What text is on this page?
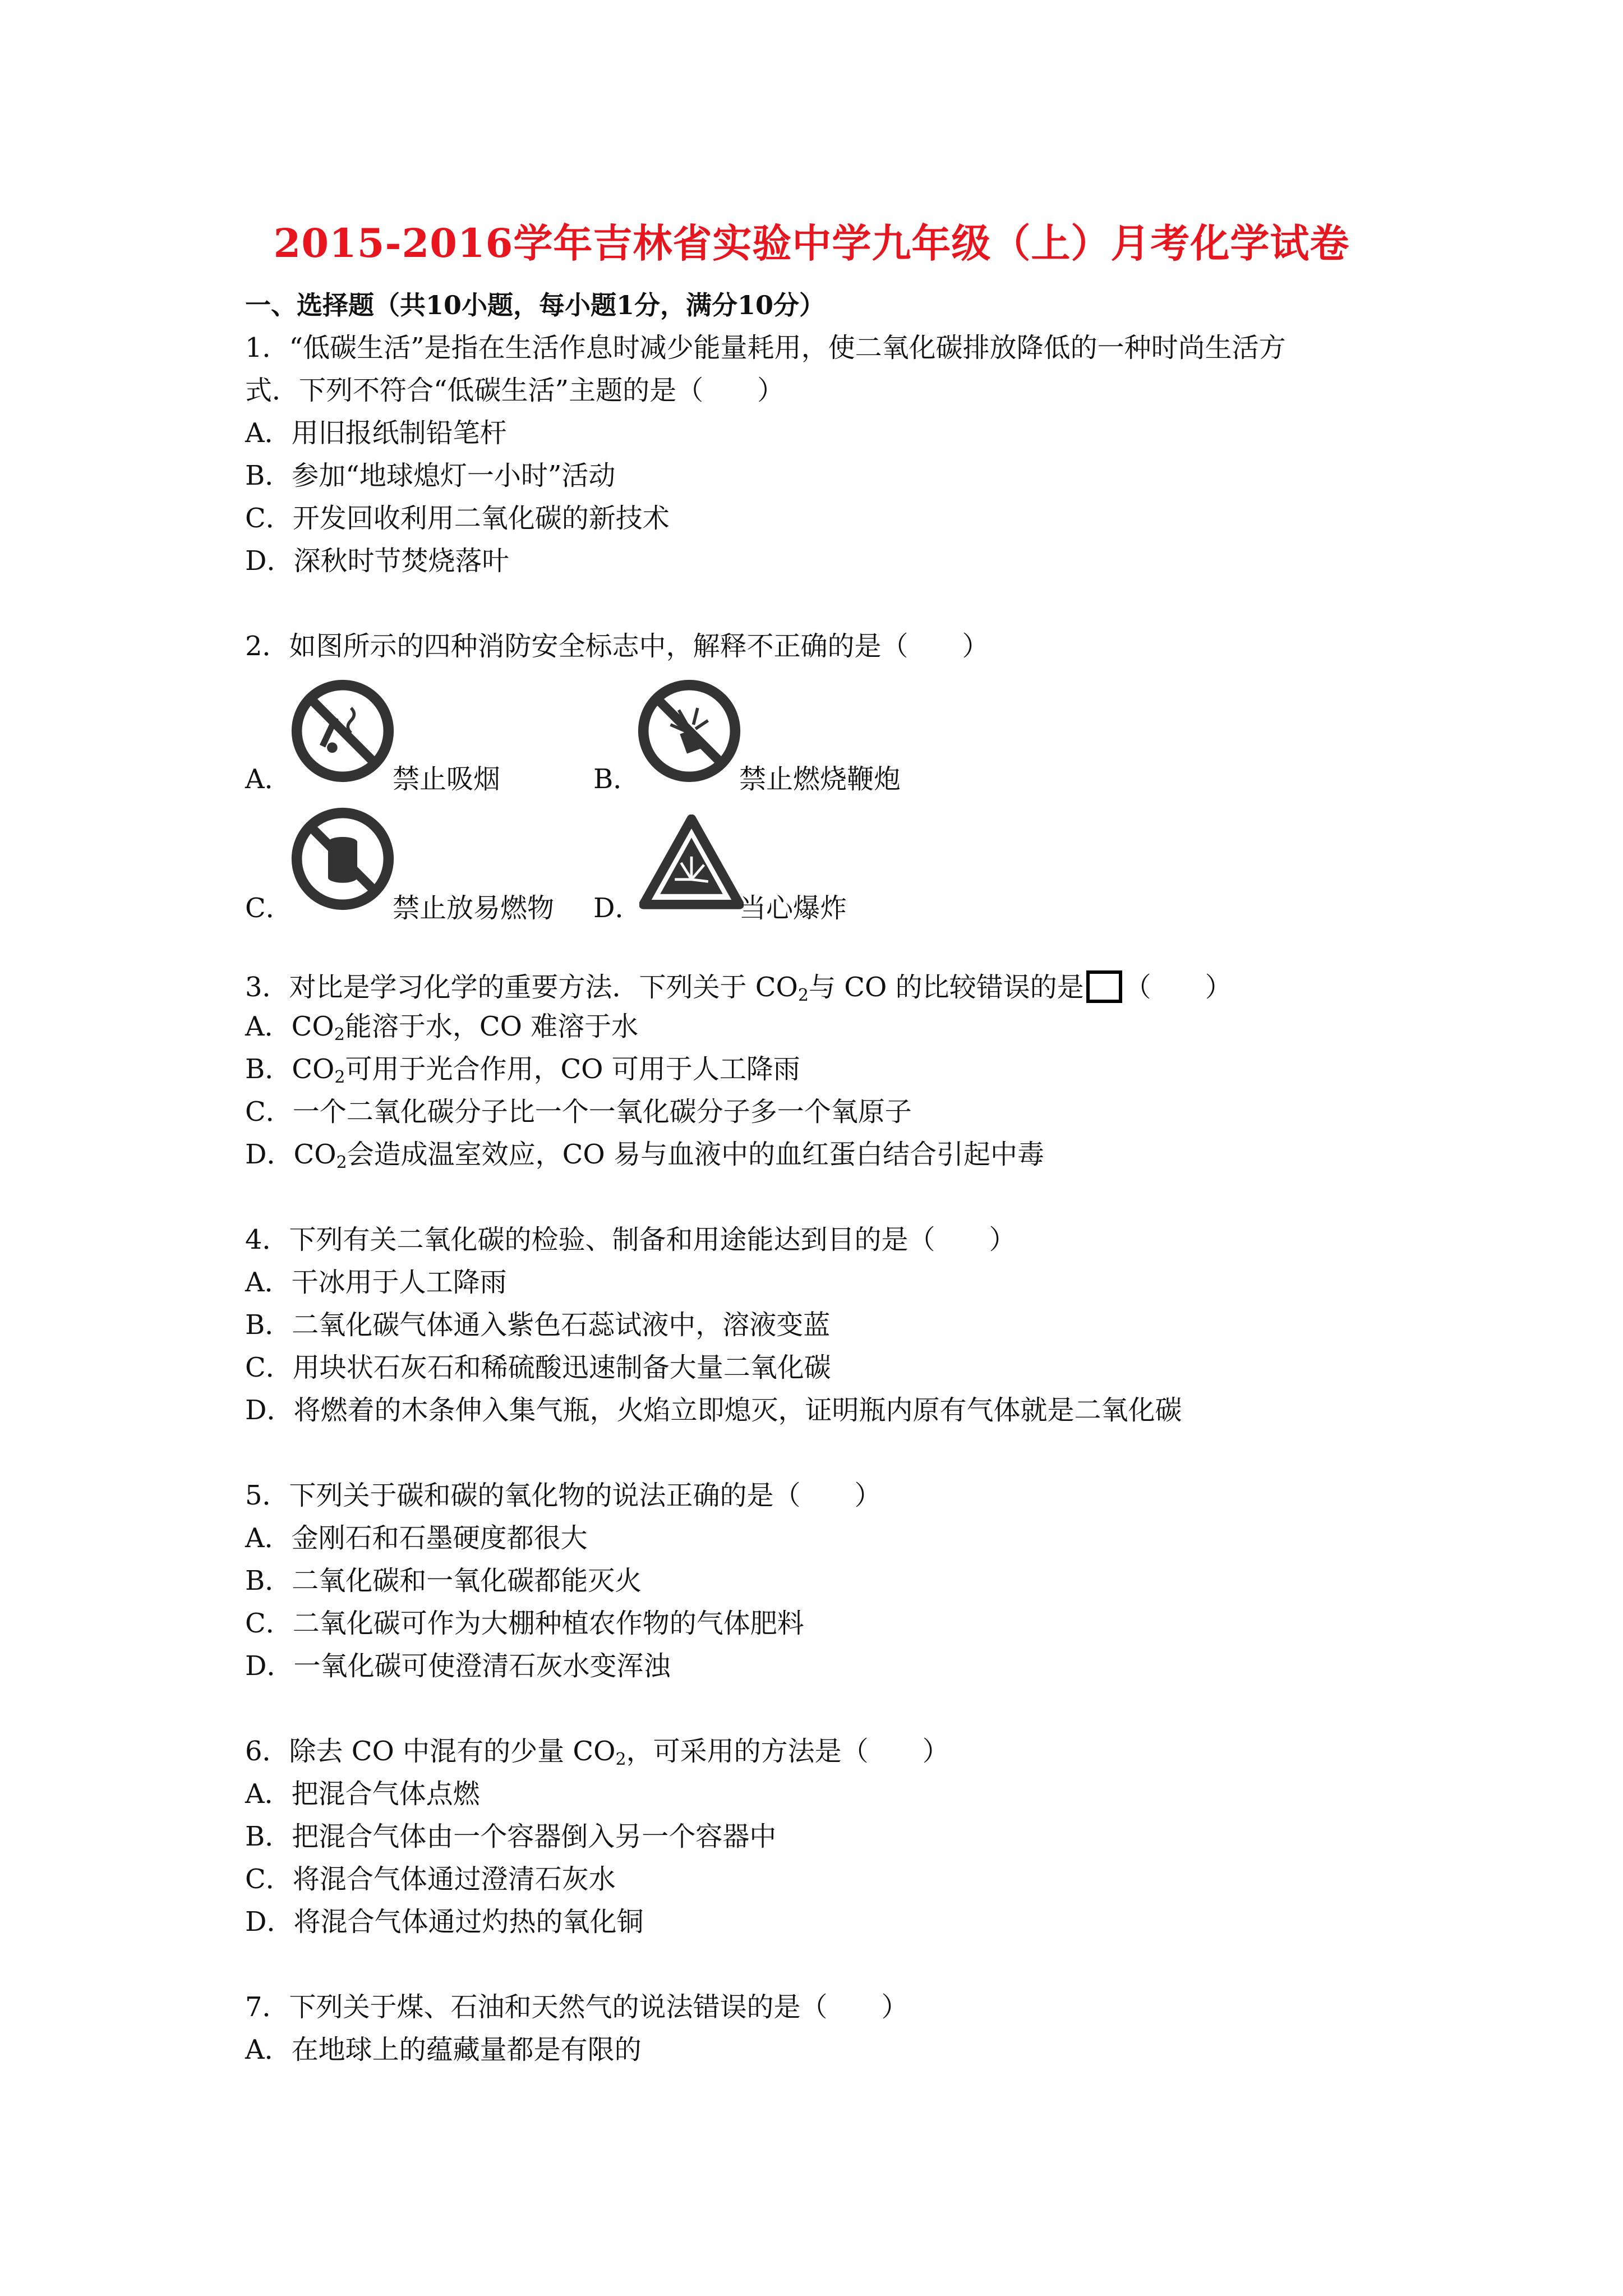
2015-2016学年吉林省实验中学九年级（上）月考化学试卷
一、选择题（共10小题，每小题1分，满分10分）
1．“低碳生活”是指在生活作息时减少能量耗用，使二氧化碳排放降低的一种时尚生活方
式．下列不符合“低碳生活”主题的是（　　）
A．用旧报纸制铅笔杆
B．参加“地球熄灯一小时”活动
C．开发回收利用二氧化碳的新技术
D．深秋时节焚烧落叶
2．如图所示的四种消防安全标志中，解释不正确的是（　　）
A．	禁止吸烟	B．	禁止燃烧鞭炮
C．	禁止放易燃物 D．	当心爆炸
3．对比是学习化学的重要方法．下列关于 $CO_2$与 CO 的比较错误的是 （　　）
A．$CO_2$能溶于水，CO 难溶于水
B．$CO_2$可用于光合作用，CO 可用于人工降雨
C．一个二氧化碳分子比一个一氧化碳分子多一个氧原子
D．$CO_2$会造成温室效应，CO 易与血液中的血红蛋白结合引起中毒
4．下列有关二氧化碳的检验、制备和用途能达到目的是（　　）
A．干冰用于人工降雨
B．二氧化碳气体通入紫色石蕊试液中，溶液变蓝
C．用块状石灰石和稀硫酸迅速制备大量二氧化碳
D．将燃着的木条伸入集气瓶，火焰立即熄灭，证明瓶内原有气体就是二氧化碳
5．下列关于碳和碳的氧化物的说法正确的是（　　）
A．金刚石和石墨硬度都很大
B．二氧化碳和一氧化碳都能灭火
C．二氧化碳可作为大棚种植农作物的气体肥料
D．一氧化碳可使澄清石灰水变浑浊
6．除去 CO 中混有的少量 $CO_2$，可采用的方法是（　　）
A．把混合气体点燃
B．把混合气体由一个容器倒入另一个容器中
C．将混合气体通过澄清石灰水
D．将混合气体通过灼热的氧化铜
7．下列关于煤、石油和天然气的说法错误的是（　　）
A．在地球上的蕴藏量都是有限的
